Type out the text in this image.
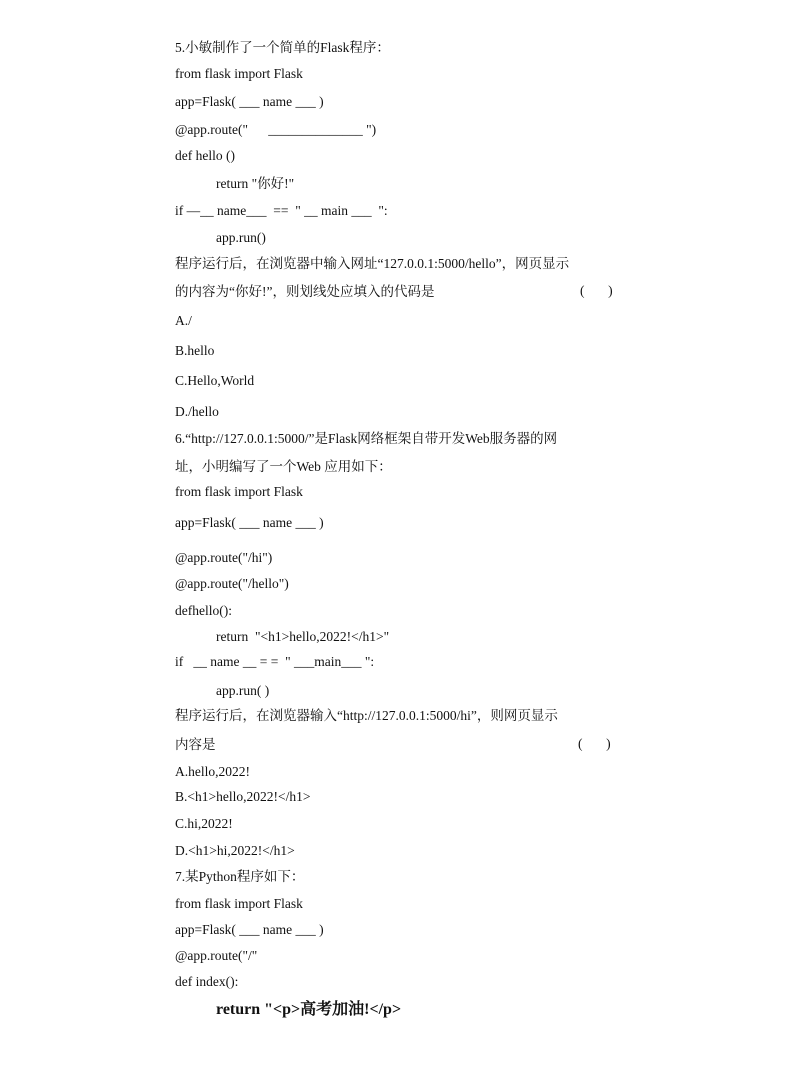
5.小敏制作了一个简单的Flask程序：
from flask import Flask
app=Flask( ___ name ___ )
@app.route("      ______________ ")
def hello ()
return "你好!"
if —__ name___  ==  " __ main ___  ":
app.run()
程序运行后，在浏览器中输入网址“127.0.0.1:5000/hello”，网页显示
的内容为“你好!”，则划线处应填入的代码是	(       )
A./
B.hello
C.Hello,World
D./hello
6.“http://127.0.0.1:5000/”是Flask网络框架自带开发Web服务器的网
址，小明编写了一个Web 应用如下：
from flask import Flask
app=Flask( ___ name ___ )
@app.route("/hi")
@app.route("/hello")
defhello():
return  "<h1>hello,2022!</h1>"
if   __ name __ = =  " ___main___ ":
app.run( )
程序运行后，在浏览器输入“http://127.0.0.1:5000/hi”，则网页显示
内容是	(       )
A.hello,2022!
B.<h1>hello,2022!</h1>
C.hi,2022!
D.<h1>hi,2022!</h1>
7.某Python程序如下：
from flask import Flask
app=Flask( ___ name ___ )
@app.route("/"
def index():
return "<p>高考加油!</p>
